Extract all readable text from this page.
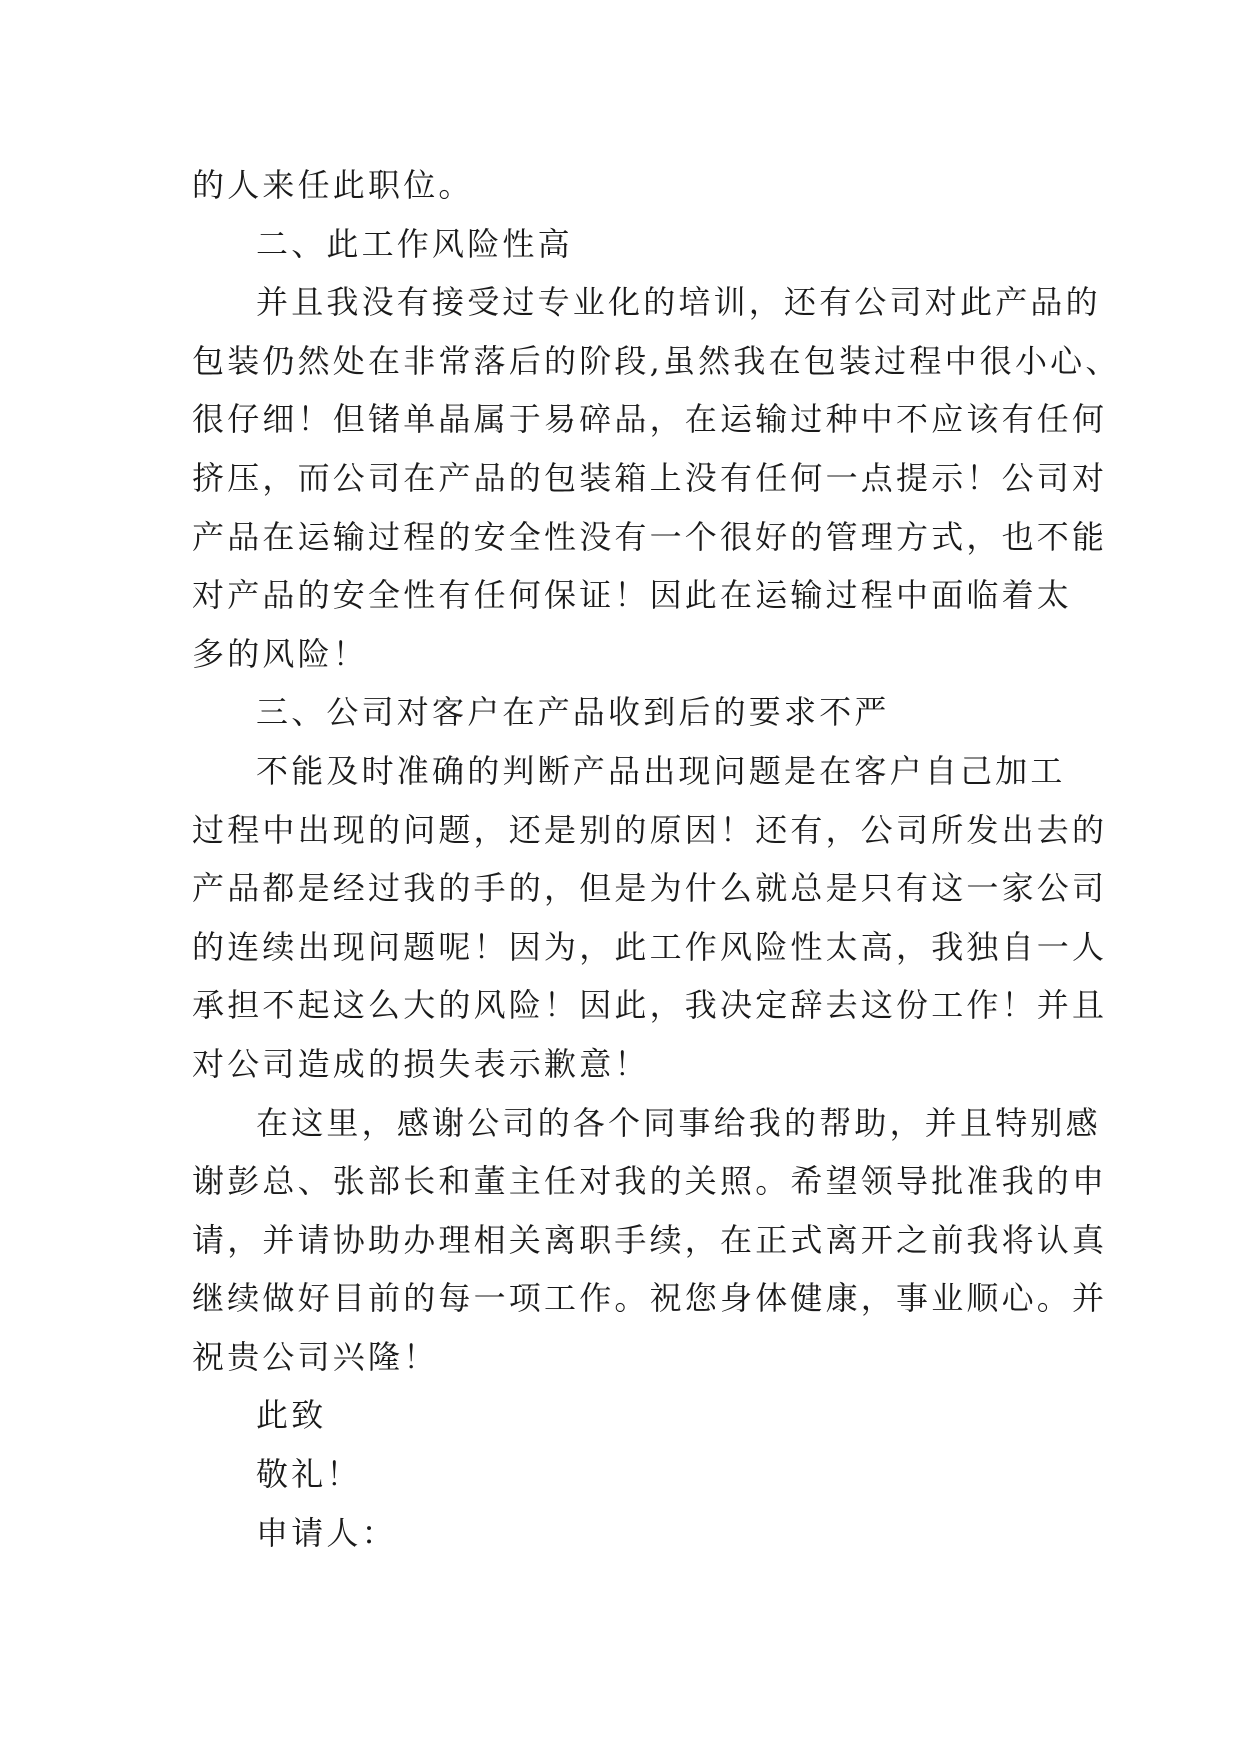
的人来任此职位。

二、此工作风险性高

并且我没有接受过专业化的培训，还有公司对此产品的

包装仍然处在非常落后的阶段,虽然我在包装过程中很小心、

很仔细！但锗单晶属于易碎品，在运输过种中不应该有任何

挤压，而公司在产品的包装箱上没有任何一点提示！公司对

产品在运输过程的安全性没有一个很好的管理方式，也不能

对产品的安全性有任何保证！因此在运输过程中面临着太

多的风险！

三、公司对客户在产品收到后的要求不严

不能及时准确的判断产品出现问题是在客户自己加工

过程中出现的问题，还是别的原因！还有，公司所发出去的

产品都是经过我的手的，但是为什么就总是只有这一家公司

的连续出现问题呢！因为，此工作风险性太高，我独自一人

承担不起这么大的风险！因此，我决定辞去这份工作！并且

对公司造成的损失表示歉意！

在这里，感谢公司的各个同事给我的帮助，并且特别感

谢彭总、张部长和董主任对我的关照。希望领导批准我的申

请，并请协助办理相关离职手续，在正式离开之前我将认真

继续做好目前的每一项工作。祝您身体健康，事业顺心。并

祝贵公司兴隆！

此致

敬礼！

申请人：
